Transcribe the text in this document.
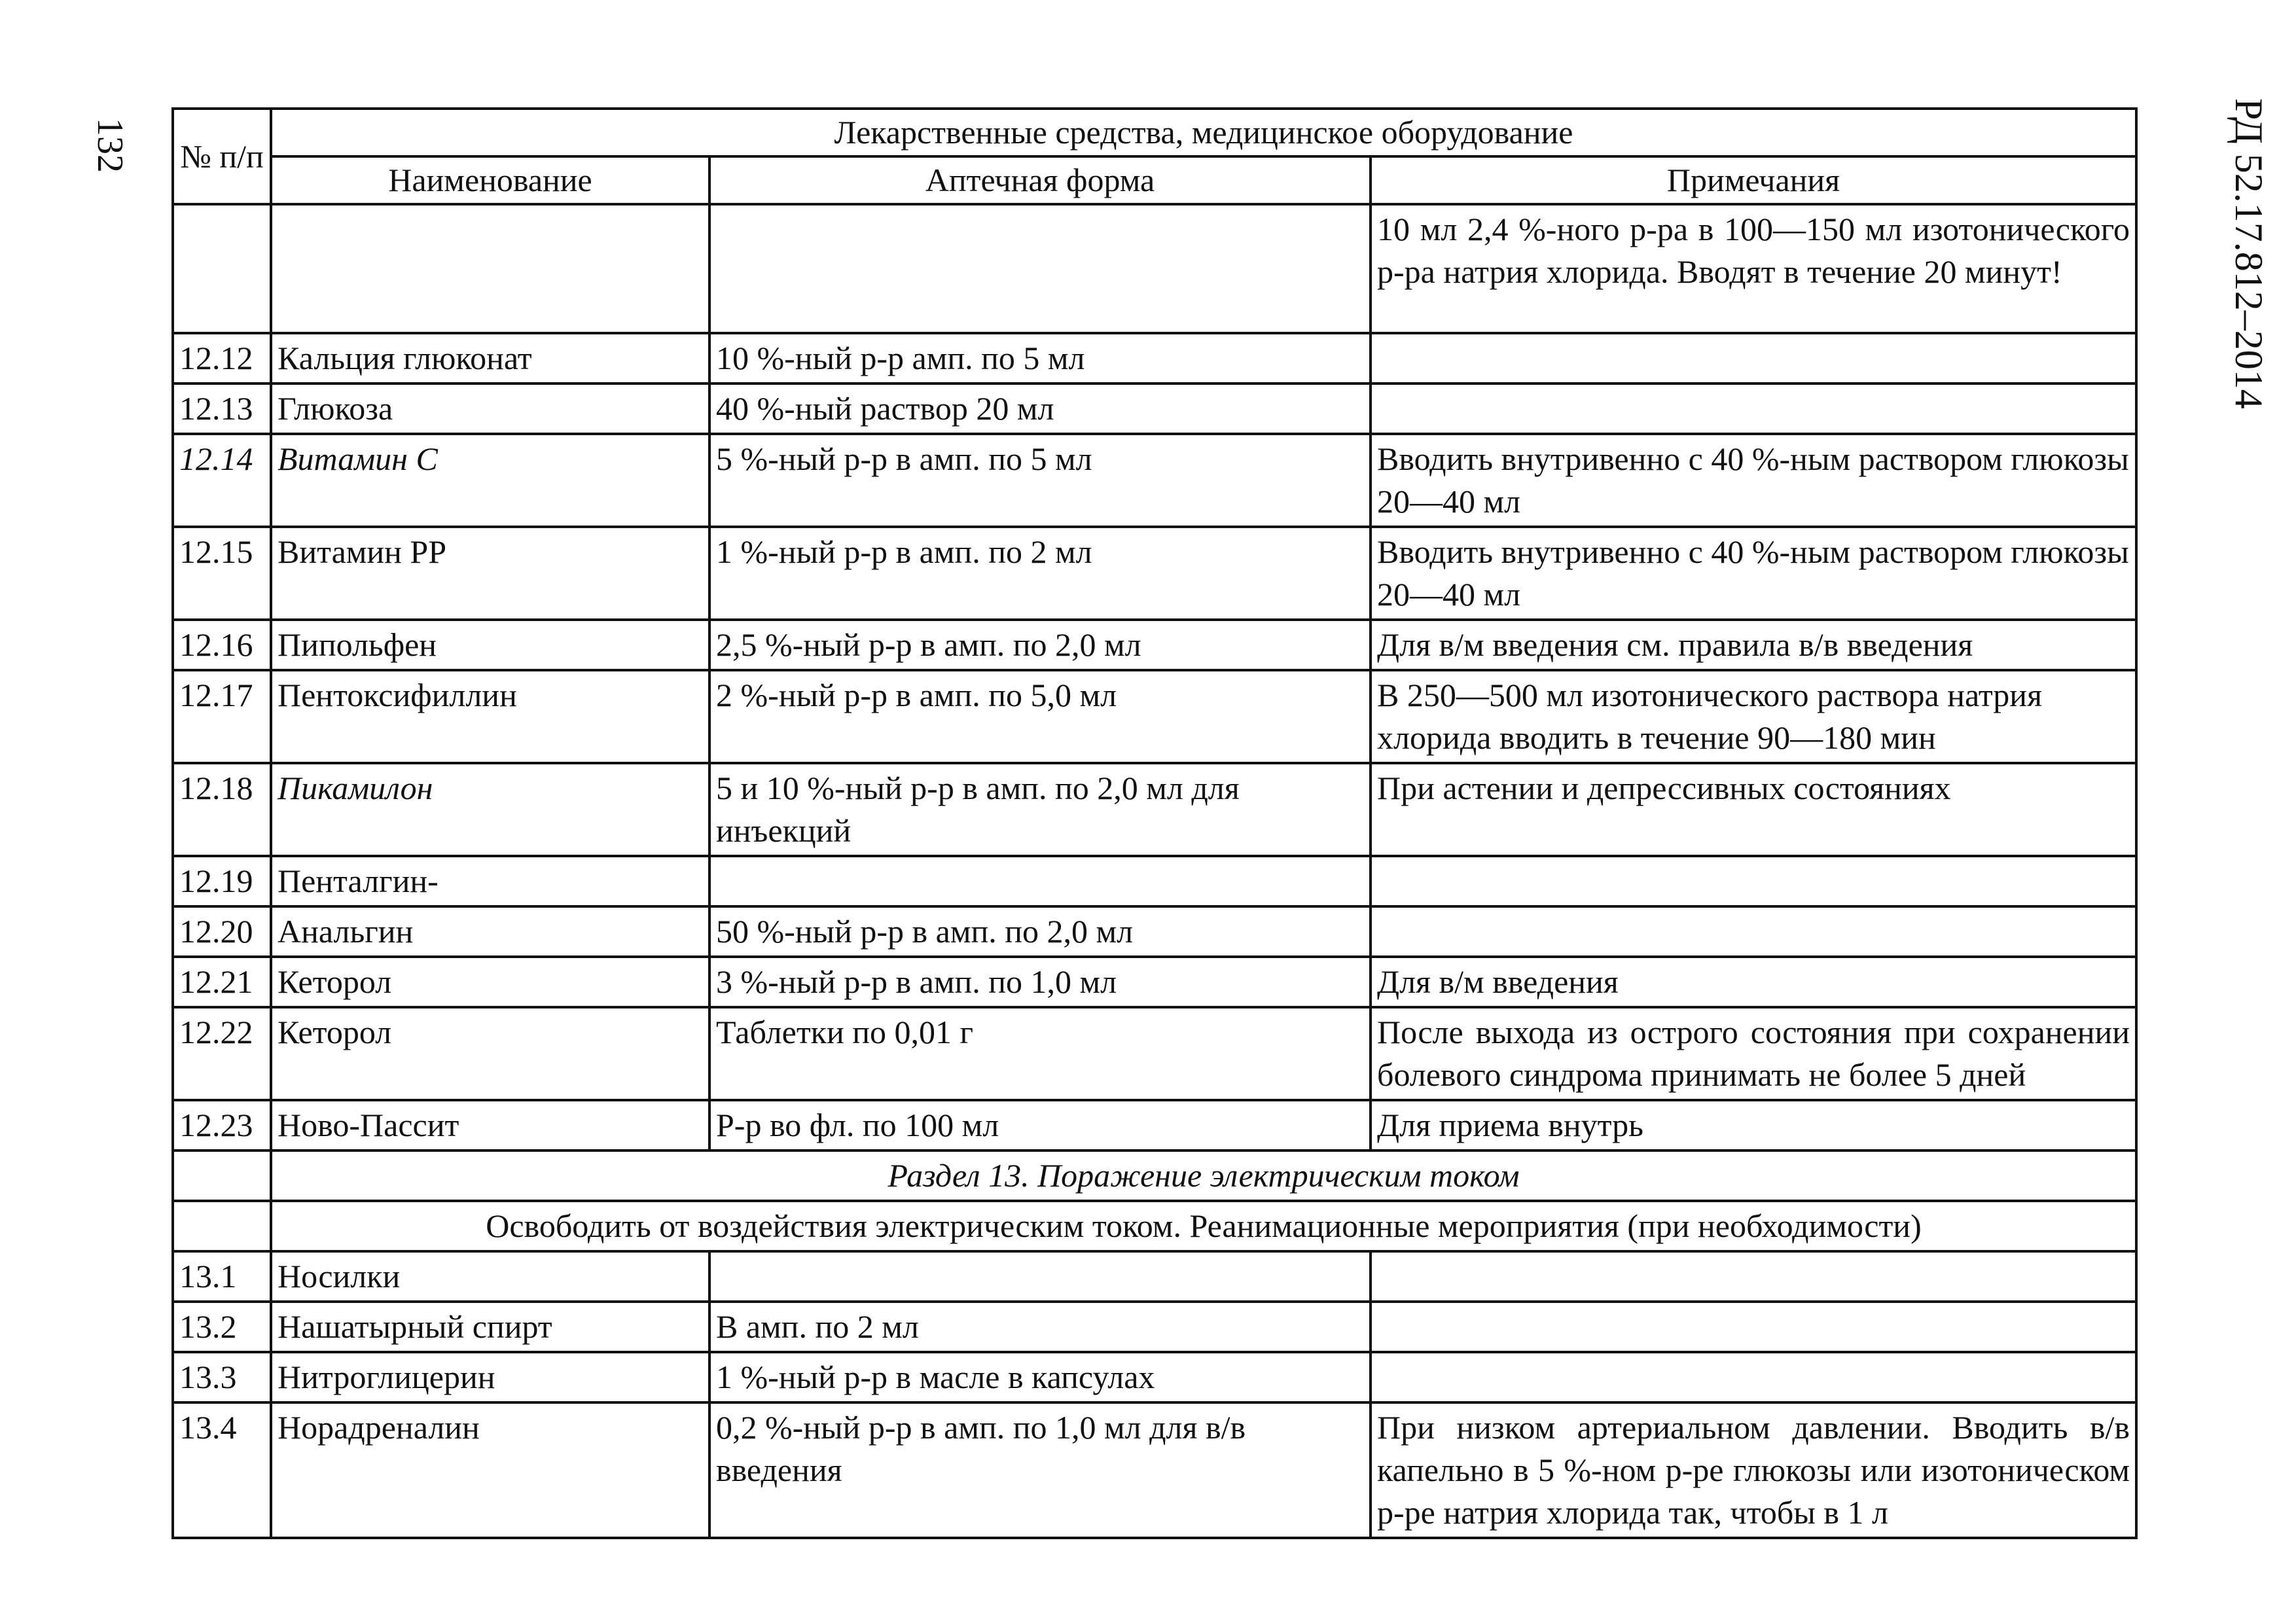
132	РД 52.17.812–2014
№ п/п	Лекарственные средства, медицинское оборудование		
	Наименование	Аптечная форма	Примечания
			10 мл 2,4 %-ного р-ра в 100—150 мл изотонического р-ра натрия хлорида. Вводят в течение 20 минут!
12.12	Кальция глюконат	10 %-ный р-р амп. по 5 мл	
12.13	Глюкоза	40 %-ный раствор 20 мл	
12.14	Витамин С	5 %-ный р-р в амп. по 5 мл	Вводить внутривенно с 40 %-ным раствором глюкозы 20—40 мл
12.15	Витамин РР	1 %-ный р-р в амп. по 2 мл	Вводить внутривенно с 40 %-ным раствором глюкозы 20—40 мл
12.16	Пипольфен	2,5 %-ный р-р в амп. по 2,0 мл	Для в/м введения см. правила в/в введения
12.17	Пентоксифиллин	2 %-ный р-р в амп. по 5,0 мл	В 250—500 мл изотонического раствора натрия хлорида вводить в течение 90—180 мин
12.18	Пикамилон	5 и 10 %-ный р-р в амп. по 2,0 мл для инъекций	При астении и депрессивных состояниях
12.19	Пенталгин-		
12.20	Анальгин	50 %-ный р-р в амп. по 2,0 мл	
12.21	Кеторол	3 %-ный р-р в амп. по 1,0 мл	Для в/м введения
12.22	Кеторол	Таблетки по 0,01 г	После выхода из острого состояния при сохранении болевого синдрома принимать не более 5 дней
12.23	Ново-Пассит	Р-р во фл. по 100 мл	Для приема внутрь
	Раздел 13. Поражение электрическим током		
	Освободить от воздействия электрическим током. Реанимационные мероприятия (при необходимости)		
13.1	Носилки		
13.2	Нашатырный спирт	В амп. по 2 мл	
13.3	Нитроглицерин	1 %-ный р-р в масле в капсулах	
13.4	Норадреналин	0,2 %-ный р-р в амп. по 1,0 мл для в/в введения	При низком артериальном давлении. Вводить в/в капельно в 5 %-ном р-ре глюкозы или изотоническом р-ре натрия хлорида так, чтобы в 1 л
